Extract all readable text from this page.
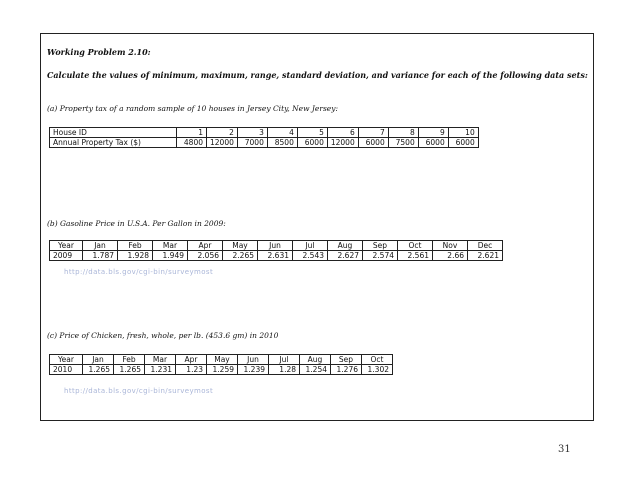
Working Problem 2.10:
Calculate the values of minimum, maximum, range, standard deviation, and variance for each of the following data sets:
(a) Property tax of a random sample of 10 houses in Jersey City, New Jersey:
House ID	1	2	3	4	5	6	7	8	9	10
Annual Property Tax ($)	4800	12000	7000	8500	6000	12000	6000	7500	6000	6000
(b) Gasoline Price in U.S.A. Per Gallon in 2009:
Year	Jan	Feb	Mar	Apr	May	Jun	Jul	Aug	Sep	Oct	Nov	Dec
2009	1.787	1.928	1.949	2.056	2.265	2.631	2.543	2.627	2.574	2.561	2.66	2.621
http://data.bls.gov/cgi-bin/surveymost
(c) Price of Chicken, fresh, whole, per lb. (453.6 gm) in 2010
Year	Jan	Feb	Mar	Apr	May	Jun	Jul	Aug	Sep	Oct
2010	1.265	1.265	1.231	1.23	1.259	1.239	1.28	1.254	1.276	1.302
http://data.bls.gov/cgi-bin/surveymost
31
